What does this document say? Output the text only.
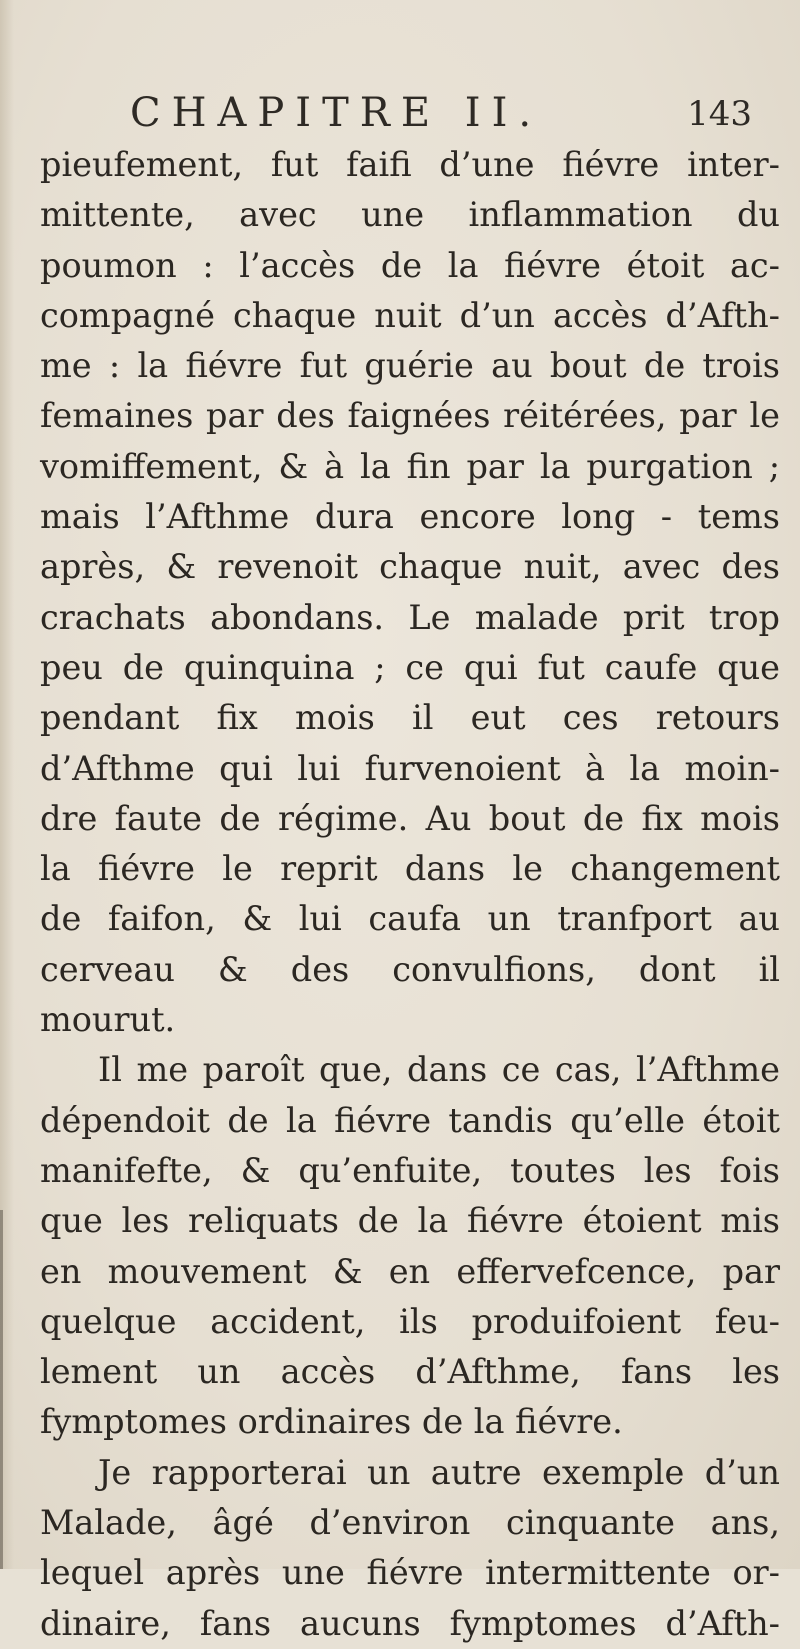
CHAPITRE II.	143
pieufement, fut faifi d’une fiévre inter-
mittente, avec une inflammation du
poumon : l’accès de la fiévre étoit ac-
compagné chaque nuit d’un accès d’Afth-
me : la fiévre fut guérie au bout de trois
femaines par des faignées réitérées, par le
vomiffement, & à la fin par la purgation ;
mais l’Afthme dura encore long - tems
après, & revenoit chaque nuit, avec des
crachats abondans. Le malade prit trop
peu de quinquina ; ce qui fut caufe que
pendant fix mois il eut ces retours
d’Afthme qui lui furvenoient à la moin-
dre faute de régime. Au bout de fix mois
la fiévre le reprit dans le changement
de faifon, & lui caufa un tranfport au
cerveau & des convulfions, dont il
mourut.
Il me paroît que, dans ce cas, l’Afthme
dépendoit de la fiévre tandis qu’elle étoit
manifefte, & qu’enfuite, toutes les fois
que les reliquats de la fiévre étoient mis
en mouvement & en effervefcence, par
quelque accident, ils produifoient feu-
lement un accès d’Afthme, fans les
fymptomes ordinaires de la fiévre.
Je rapporterai un autre exemple d’un
Malade, âgé d’environ cinquante ans,
lequel après une fiévre intermittente or-
dinaire, fans aucuns fymptomes d’Afth-
